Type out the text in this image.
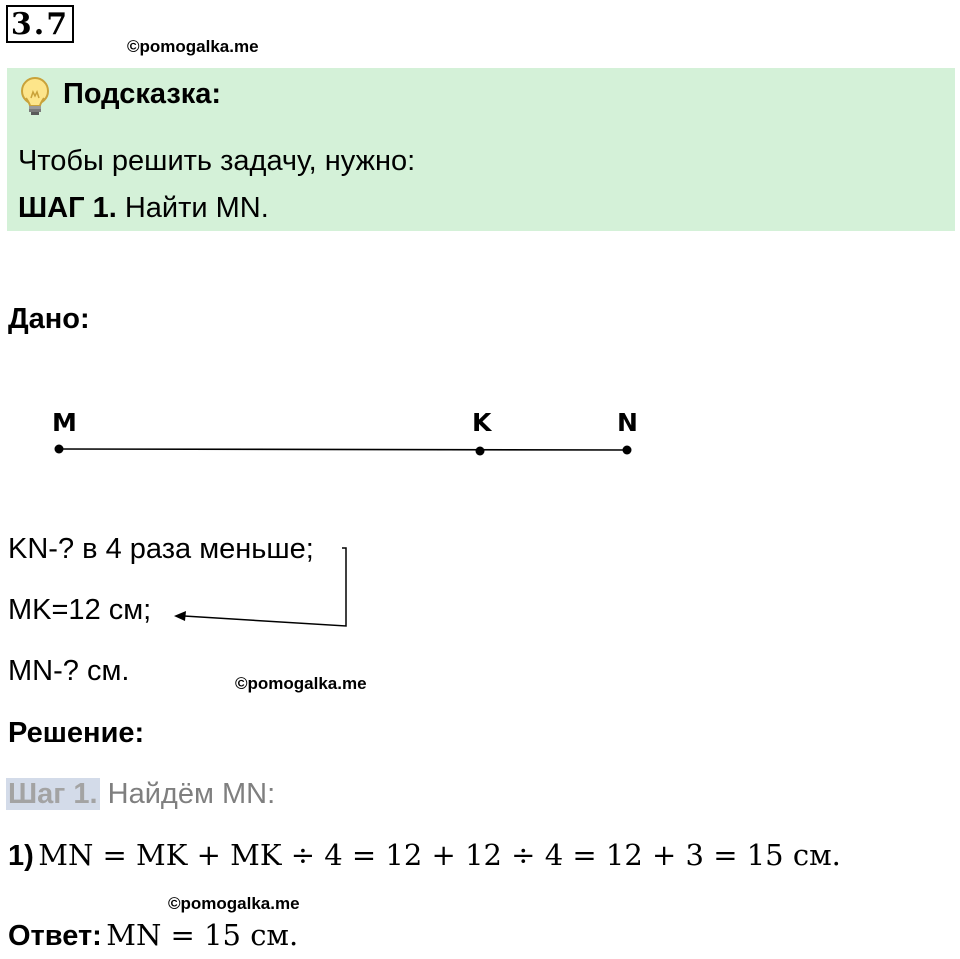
3.7
©pomogalka.me
Подсказка:
Чтобы решить задачу, нужно:
ШАГ 1. Найти MN.
Дано:
M	K	N
KN-? в 4 раза меньше;
MK=12 см;
MN-? см.	©pomogalka.me
Решение:
Шаг 1. Найдём MN:
1) MN = MK + MK ÷ 4 = 12 + 12 ÷ 4 = 12 + 3 = 15 см.
©pomogalka.me
Ответ: MN = 15 см.
